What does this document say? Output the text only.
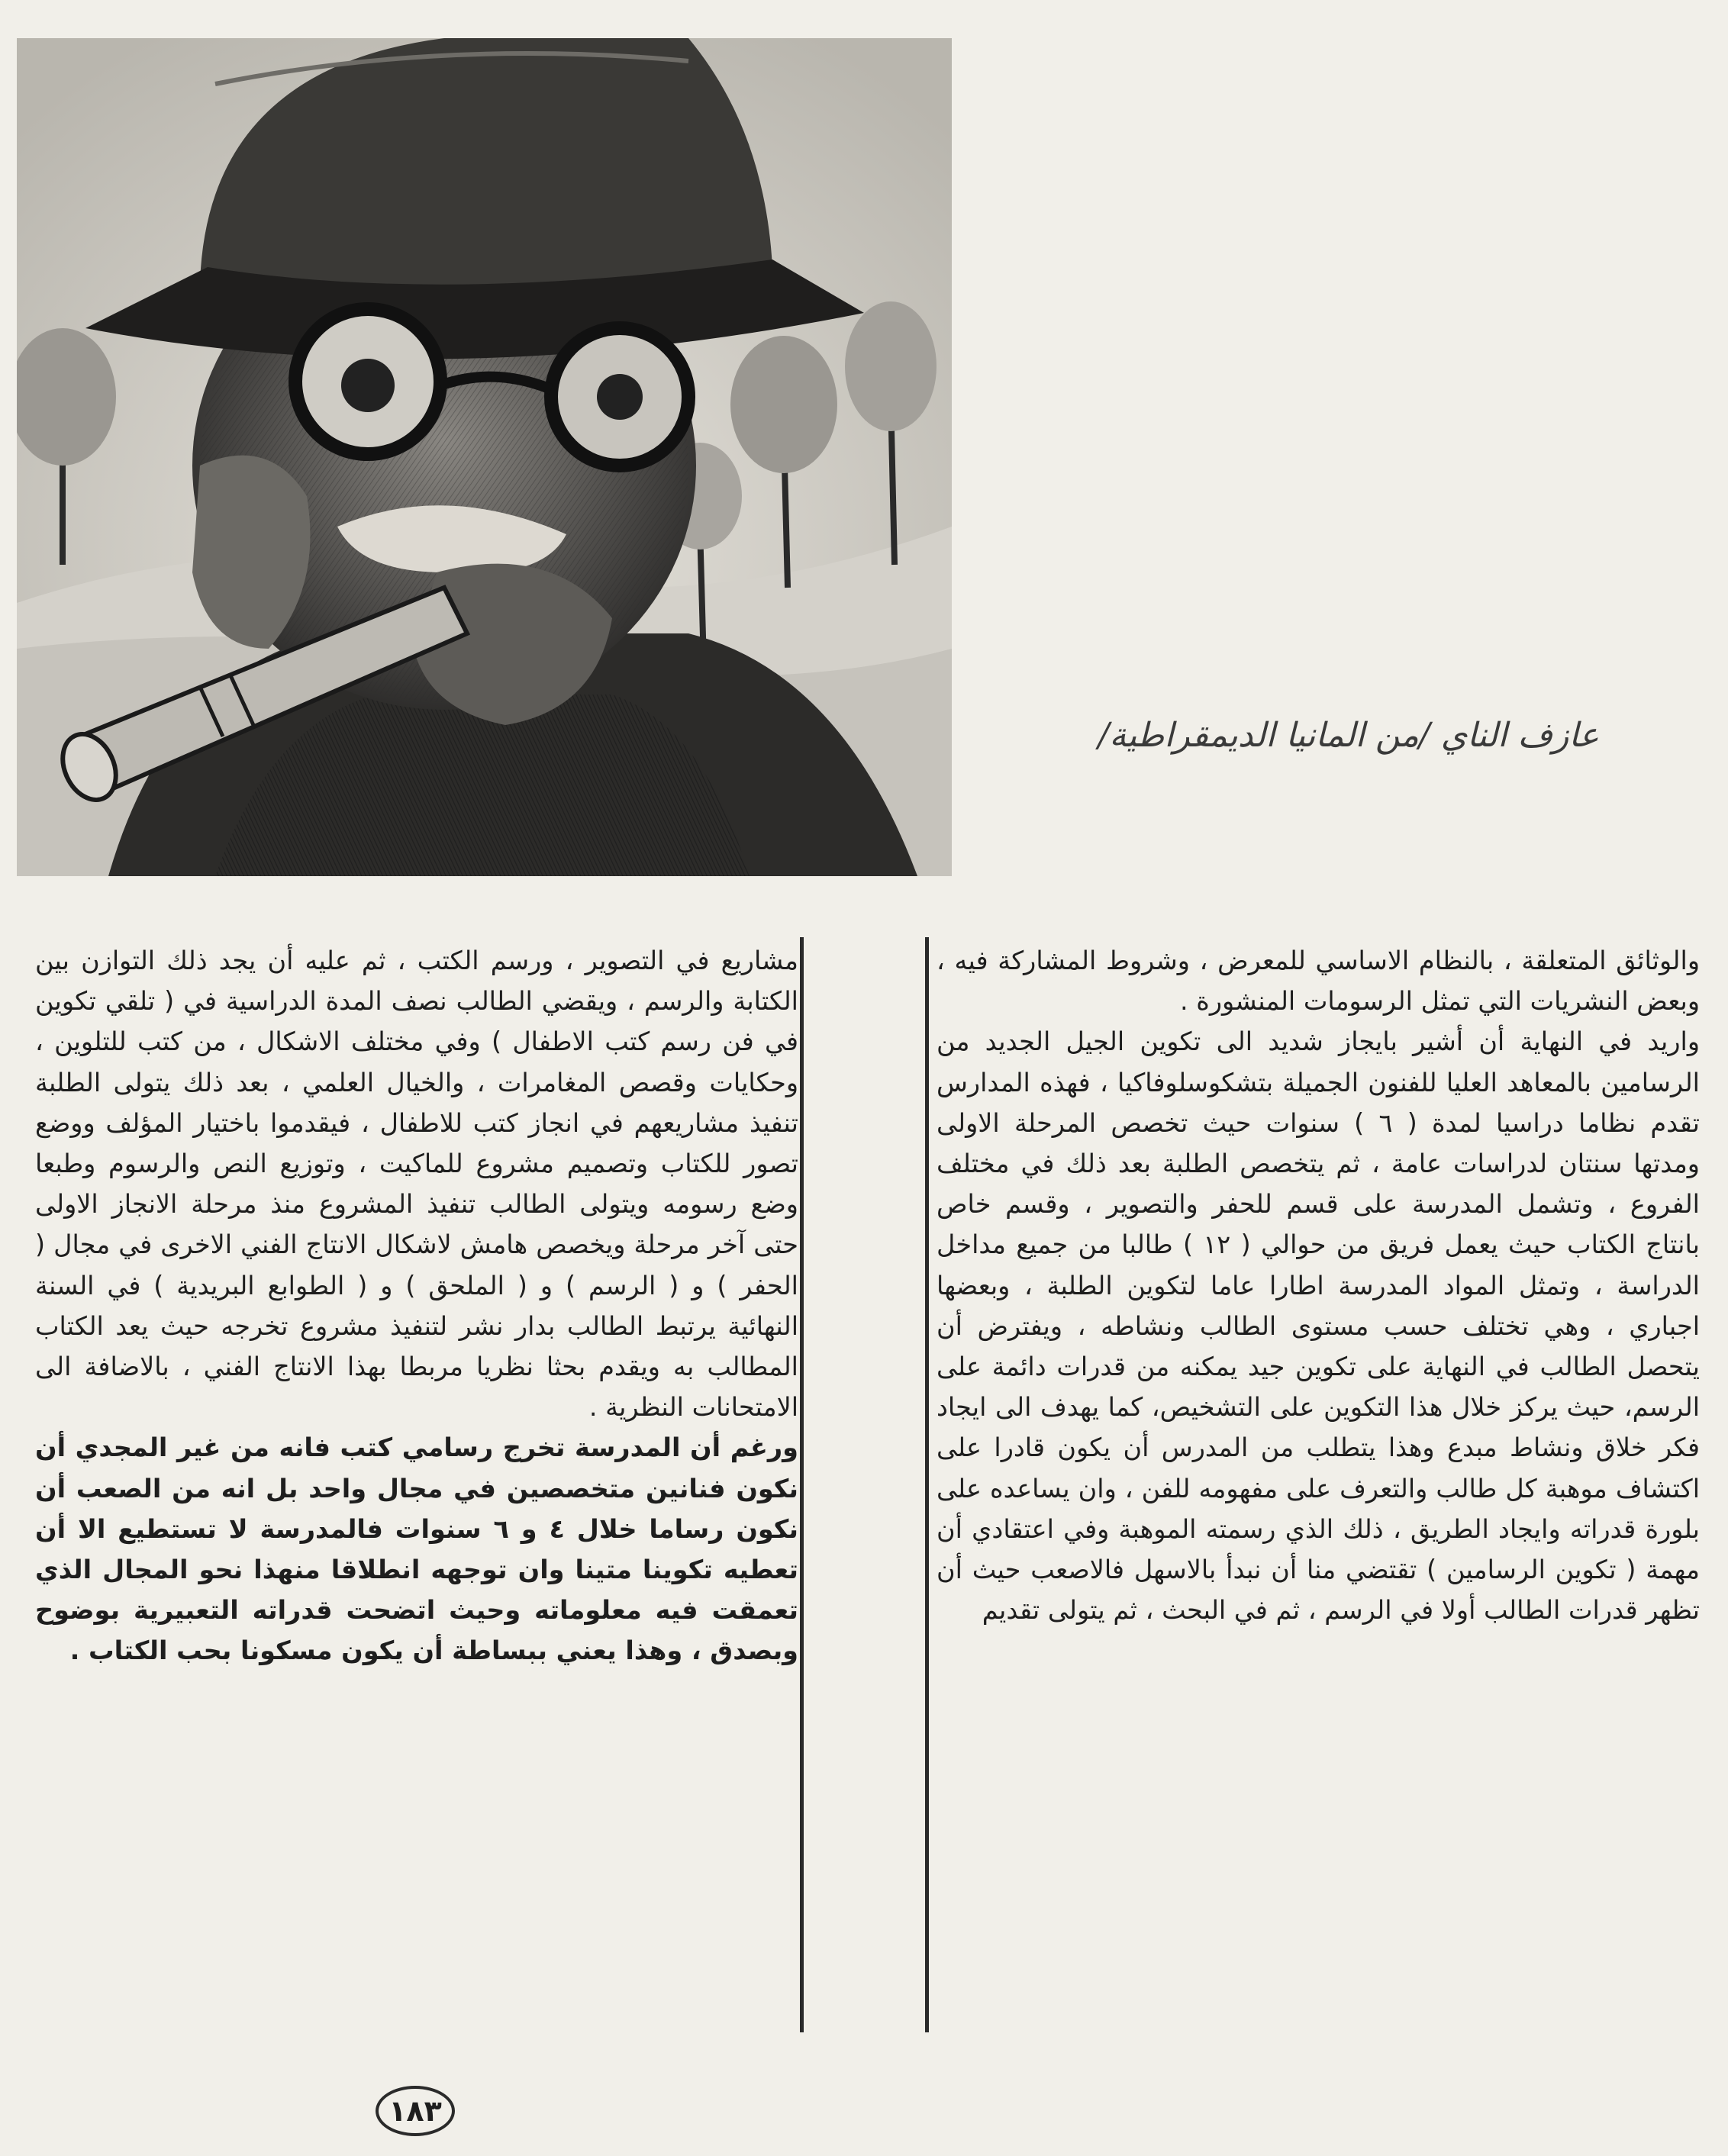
عازف الناي /من المانيا الديمقراطية/

والوثائق المتعلقة ، بالنظام الاساسي للمعرض ، وشروط المشاركة فيه ، وبعض النشريات التي تمثل الرسومات المنشورة .

واريد في النهاية أن أشير بايجاز شديد الى تكوين الجيل الجديد من الرسامين بالمعاهد العليا للفنون الجميلة بتشكوسلوفاكيا ، فهذه المدارس تقدم نظاما دراسيا لمدة ( ٦ ) سنوات حيث تخصص المرحلة الاولى ومدتها سنتان لدراسات عامة ، ثم يتخصص الطلبة بعد ذلك في مختلف الفروع ، وتشمل المدرسة على قسم للحفر والتصوير ، وقسم خاص بانتاج الكتاب حيث يعمل فريق من حوالي ( ١٢ ) طالبا من جميع مداخل الدراسة ، وتمثل المواد المدرسة اطارا عاما لتكوين الطلبة ، وبعضها اجباري ، وهي تختلف حسب مستوى الطالب ونشاطه ، ويفترض أن يتحصل الطالب في النهاية على تكوين جيد يمكنه من قدرات دائمة على الرسم، حيث يركز خلال هذا التكوين على التشخيص، كما يهدف الى ايجاد فكر خلاق ونشاط مبدع وهذا يتطلب من المدرس أن يكون قادرا على اكتشاف موهبة كل طالب والتعرف على مفهومه للفن ، وان يساعده على بلورة قدراته وايجاد الطريق ، ذلك الذي رسمته الموهبة وفي اعتقادي أن مهمة ( تكوين الرسامين ) تقتضي منا أن نبدأ بالاسهل فالاصعب حيث أن تظهر قدرات الطالب أولا في الرسم ، ثم في البحث ، ثم يتولى تقديم

مشاريع في التصوير ، ورسم الكتب ، ثم عليه أن يجد ذلك التوازن بين الكتابة والرسم ، ويقضي الطالب نصف المدة الدراسية في ( تلقي تكوين في فن رسم كتب الاطفال ) وفي مختلف الاشكال ، من كتب للتلوين ، وحكايات وقصص المغامرات ، والخيال العلمي ، بعد ذلك يتولى الطلبة تنفيذ مشاريعهم في انجاز كتب للاطفال ، فيقدموا باختيار المؤلف ووضع تصور للكتاب وتصميم مشروع للماكيت ، وتوزيع النص والرسوم وطبعا وضع رسومه ويتولى الطالب تنفيذ المشروع منذ مرحلة الانجاز الاولى حتى آخر مرحلة ويخصص هامش لاشكال الانتاج الفني الاخرى في مجال ( الحفر ) و ( الرسم ) و ( الملحق ) و ( الطوابع البريدية ) في السنة النهائية يرتبط الطالب بدار نشر لتنفيذ مشروع تخرجه حيث يعد الكتاب المطالب به ويقدم بحثا نظريا مربطا بهذا الانتاج الفني ، بالاضافة الى الامتحانات النظرية .

ورغم أن المدرسة تخرج رسامي كتب فانه من غير المجدي أن نكون فنانين متخصصين في مجال واحد بل انه من الصعب أن نكون رساما خلال ٤ و ٦ سنوات فالمدرسة لا تستطيع الا أن تعطيه تكوينا متينا وان توجهه انطلاقا منهذا نحو المجال الذي تعمقت فيه معلوماته وحيث اتضحت قدراته التعبيرية بوضوح وبصدق ، وهذا يعني ببساطة أن يكون مسكونا بحب الكتاب .

١٨٣
